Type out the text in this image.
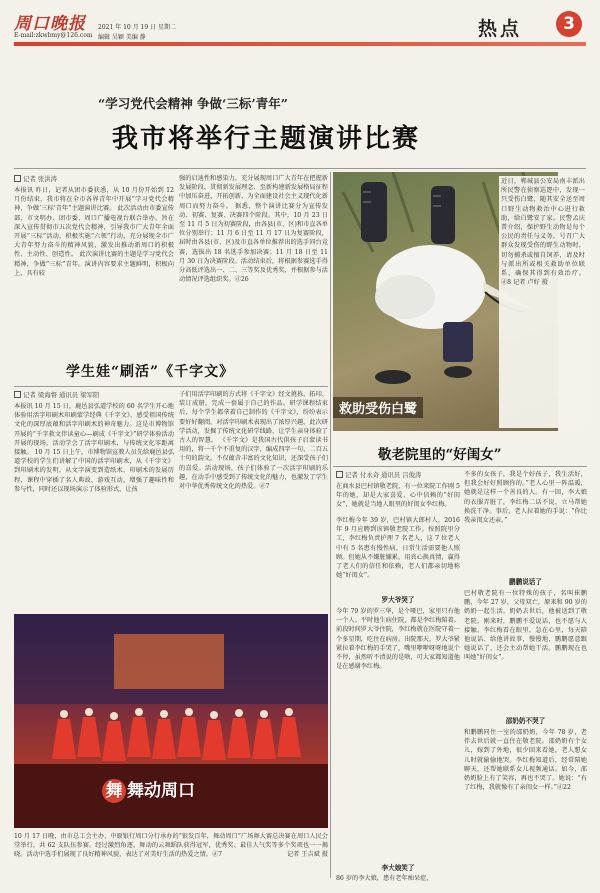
周口晚报
E-mail:zkwbmy@126.com
2021 年 10 月 19 日 星期二
编辑 吴颖 美编 静	热点	3
“学习党代会精神 争做‘三标’青年”
我市将举行主题演讲比赛
记者 张洪涛
本报讯 昨日，记者从团市委获悉，从 10 月份开始到 12 月份结束，我市将在全市各界青年中开展“学习党代会精神，争做‘三标’青年”主题演讲比赛。 此次活动由市委宣传部、市文明办、团市委、周口广播电视台联合举办，旨在深入宣传贯彻市五次党代会精神，引导我市广大青年全面开展“三标”活动，积极实施“六领”行动，充分展现全市广大青年努力奋斗的精神风貌，激发出推动新周口的积极性、主动性、创造性。 此次演讲比赛的主题是学习党代会精神，争做“三标”青年。演讲内容要求主题鲜明，积极向上，具有较
强的启迪性和感染力，充分展现周口广大青年在把握新发展阶段、贯彻新发展理念、至新构建新发展格局征程中加压奋进、开拓创新、为全面建设社会主义现代化新周口而努力奋斗。 据悉，整个演讲比赛分为宣传发动、初赛、复赛、决赛四个阶段。其中，10 月 23 日至 11 月 5 日为初赛阶段，由各县(市、区)和市直各单位分别举行；11 月 6 日至 11 月 17 日为复赛阶段，届时由各县(市、区)及市直各单位推荐出的选手同台竞赛，选拔出 18 名选手参加决赛；11 月 18 日至 11 月 30 日为决赛阶段。活动结束后，将根据参赛选手得分高低评选出一、二、三等奖及优秀奖，并根据参与活动情况评选组织奖。ⓓ26
救助受伤白鹭
近日，郸城县公安局南丰派出所民警在侦察巡逻中，发现一只受伤白鹭，随其安全送至周口野生动物救治中心进行救助，给白鹭安了家。民警孟庆普介绍，保护野生动物是每个公民的责任与义务，号召广大群众发现受伤的野生动物时，切勿捕杀或擅自饲养，请及时与派出所或相关救助单位联系，确保其得到有效治疗。ⓓ8 记者 卢好 摄
学生娃“刷活”《千字文》
记者 梁海督 通讯员 梁军阳
本报讯 10 月 15 日，鹿邑县弘道学校的 60 名学生开心地体验用活字印刷术印刷蒙学经典《千字文》，感受祖国传统文化的深厚底蕴和活字印刷术的神奇魅力。这是市博物馆开展的“千字救文伴读童心—刷成《千字文》”研学体验活动开展的现场，活动学会了活字印刷术，与传统文化零距离接触。 10 月 15 日上午，市博物馆宣教人员先给鹿邑县弘道学校的学生们讲解了中国的活字印刷术，从《千字文》到印刷术的发明，从文字演变到造纸术、印刷术的发展历程，课程中穿插了名人典故、游戏互动，增强了趣味性和参与性，同时还以现场演示了体验形式，让孩
子们用活字印刷的方式将《千字文》经文挑拣、拓印、装订成册，完成一套属于自己的作品。研学课程结束后，每个学生都拿着自己制作的《千字文》，纷纷表示要好好翻阅，对活字印刷术表现出了浓厚兴趣。此次研学活动，发掘了传统文化研学线路，让学生亲身体验了古人的智慧。 《千字文》是我国古代供孩子启蒙读书用的，将一千个不重复的汉字，编成四字一句、二百五十句的韵文，不仅蕴含丰富的文化知识，还深受孩子们的喜爱。活动现场，孩子们体验了一次活字印刷的乐趣，在动手中感受到了传统文化的魅力，也激发了学生对中华优秀传统文化的热爱。ⓓ7
舞 舞动周口
10 月 17 日晚，由市总工会主办、中原银行周口分行承办的“银发百年，舞动周口”广场舞大赛总决赛在周口人民会堂举行，共 62 支队伍参赛。经过激烈角逐，舞动的云舞蹈队获得冠军，优秀奖、最佳人气奖等多个奖项也一一揭晓。活动中选手们展现了良好精神风貌，表达了对美好生活的热爱之情。ⓓ7	记者 王吉斌 摄
敬老院里的“好闺女”
记者 付永奇 通讯员 吕俊涛
在商水县巴村镇敬老院，有一位来院工作刚 5 年的她，却是大家喜爱、心中信赖的“好闺女”，她就是当地人眼里的好闺女李红梅。
李红梅今年 39 岁，巴村镇大郎村人，2016 年 9 月应聘到该镇敬老院工作。按照院里分工，李红梅负责护理 7 名老人，这 7 位老人中有 5 名患有慢性病，日常生活需要他人照顾。但她从不嫌脏嫌累，用真心换真情，赢得了老人们的信任和依赖，老人们都亲切地称她“好闺女”。
罗大爷哭了
今年 79 岁的罗三华，是个哑巴，家里只有他一个人。平时他生病住院，都是李红梅陪着。前段时间罗大爷住院，李红梅就在医院守着一个多星期，吃住在病房。出院那天，罗大爷紧紧拉着李红梅的手哭了，嘴里咿咿呀呀地说个不停，虽然听不清说的是啥，可大家都知道他是在感谢李红梅。
李大娘笑了
86 岁的李大娘，患有老年痴呆症，
不多的女孩子，我是个好孩子，我生活好，但我会好好照顾你的。”老人心里一阵温暖，她就是这样一个善良的人。有一回，李大娘的衣服弄脏了，李红梅二话不说，立马帮她换洗干净。事后，老人拉着她的手说：“你比我亲闺女还亲。”
鹏鹏说话了
巴村敬老院有一位特殊的孩子，名叫崔鹏鹏，今年 27 岁，父母双亡，原来和 90 岁的奶奶一起生活。奶奶去世后，他被送到了敬老院。刚来时，鹏鹏不爱说话，也不愿与人接触。李红梅看在眼里，急在心里，每天陪他说话、给他讲故事，慢慢地，鹏鹏愿意跟她说话了，还会主动帮她干活。鹏鹏现在也叫她“好闺女”。
邵奶奶不哭了
和鹏鹏同住一室的邵奶奶，今年 78 岁，老伴去世后就一直住在敬老院。邵奶奶有个女儿，嫁到了外地，很少回来看她，老人想女儿时就偷偷地哭。李红梅知道后，经常陪她聊天，还帮她联系女儿视频通话。如今，邵奶奶脸上有了笑容，再也不哭了。她说：“有了红梅，我就像有了亲闺女一样。”ⓓ22
